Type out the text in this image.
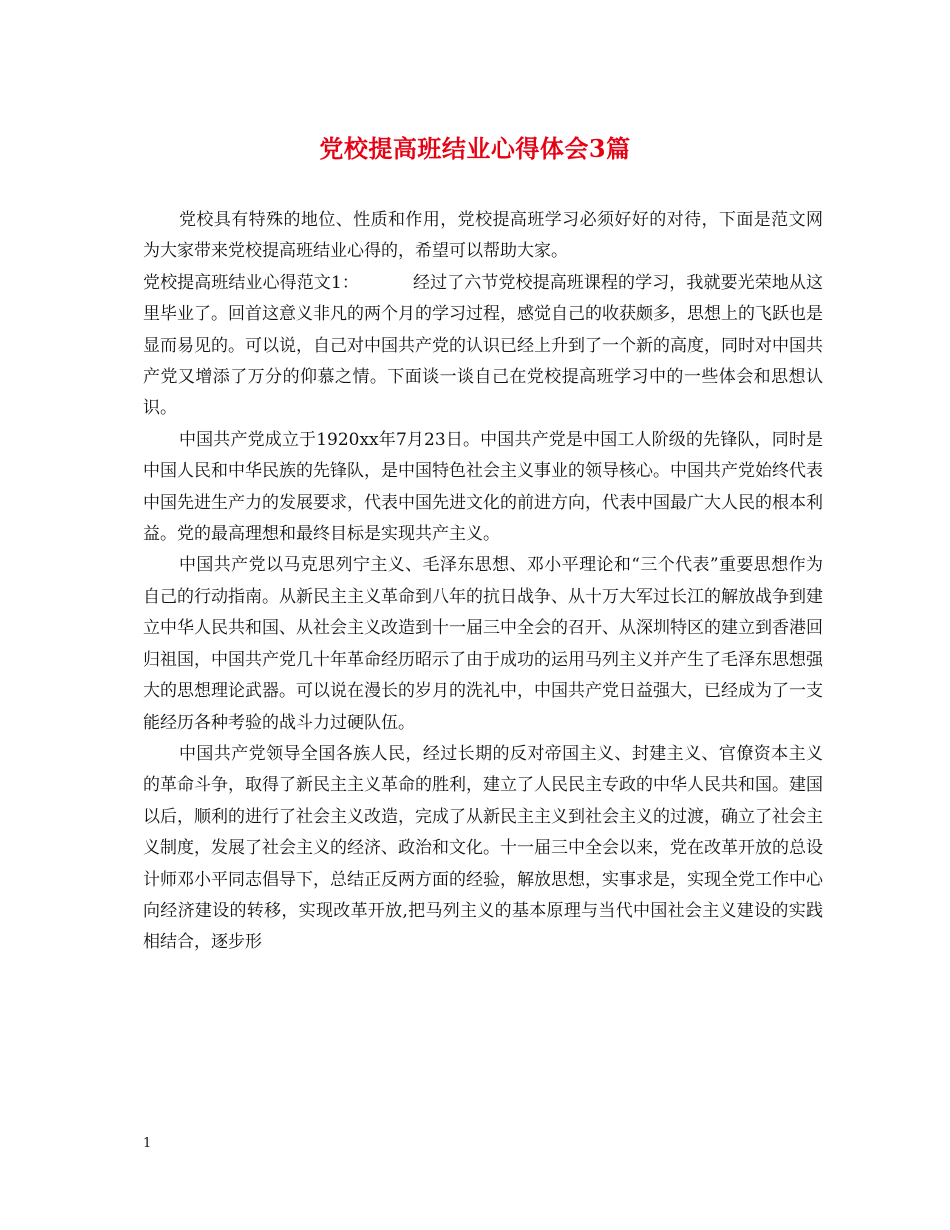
党校提高班结业心得体会3篇

党校具有特殊的地位、性质和作用，党校提高班学习必须好好的对待，下面是范文网为大家带来党校提高班结业心得的，希望可以帮助大家。

党校提高班结业心得范文1：	经过了六节党校提高班课程的学习，我就要光荣地从这里毕业了。回首这意义非凡的两个月的学习过程，感觉自己的收获颇多，思想上的飞跃也是显而易见的。可以说，自己对中国共产党的认识已经上升到了一个新的高度，同时对中国共产党又增添了万分的仰慕之情。下面谈一谈自己在党校提高班学习中的一些体会和思想认识。

中国共产党成立于1920xx年7月23日。中国共产党是中国工人阶级的先锋队，同时是中国人民和中华民族的先锋队，是中国特色社会主义事业的领导核心。中国共产党始终代表中国先进生产力的发展要求，代表中国先进文化的前进方向，代表中国最广大人民的根本利益。党的最高理想和最终目标是实现共产主义。

中国共产党以马克思列宁主义、毛泽东思想、邓小平理论和“三个代表”重要思想作为自己的行动指南。从新民主主义革命到八年的抗日战争、从十万大军过长江的解放战争到建立中华人民共和国、从社会主义改造到十一届三中全会的召开、从深圳特区的建立到香港回归祖国，中国共产党几十年革命经历昭示了由于成功的运用马列主义并产生了毛泽东思想强大的思想理论武器。可以说在漫长的岁月的洗礼中，中国共产党日益强大，已经成为了一支能经历各种考验的战斗力过硬队伍。

中国共产党领导全国各族人民，经过长期的反对帝国主义、封建主义、官僚资本主义的革命斗争，取得了新民主主义革命的胜利，建立了人民民主专政的中华人民共和国。建国以后，顺利的进行了社会主义改造，完成了从新民主主义到社会主义的过渡，确立了社会主义制度，发展了社会主义的经济、政治和文化。十一届三中全会以来，党在改革开放的总设计师邓小平同志倡导下，总结正反两方面的经验，解放思想，实事求是，实现全党工作中心向经济建设的转移，实现改革开放,把马列主义的基本原理与当代中国社会主义建设的实践相结合，逐步形

1
